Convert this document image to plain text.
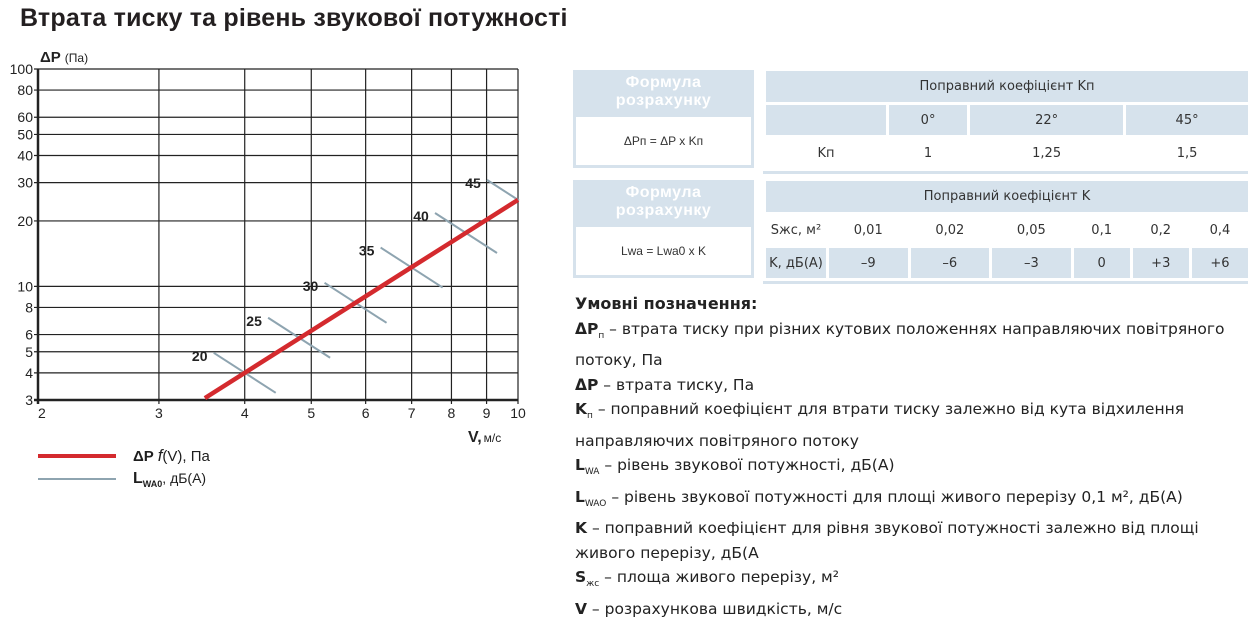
Втрата тиску та рівень звукової потужності
3
4
5
6
8
10
20
30
40
50
60
80
100
2	3	4	5	6	7 8 9 10
20
25
30
35
40
45
ΔP (Па)
V, м/с
ΔP f(V), Па
$L_{WA0}$, дБ(А)
Формула
розрахунку
ΔPп = ΔP x Kп
Поправний коефіцієнт Kп			
	0°	22°	45°
Kп	1	1,25	1,5
Формула
розрахунку
Lwa = Lwa0 x K
Поправний коефіцієнт K						
Sжс, м²	0,01	0,02	0,05	0,1	0,2	0,4
K, дБ(А)	–9	–6	–3	0	+3	+6
Умовні позначення:
$\Delta P_п$ – втрата тиску при різних кутових положеннях направляючих повітряного потоку, Па
ΔP – втрата тиску, Па
$K_п$ – поправний коефіцієнт для втрати тиску залежно від кута відхилення направляючих повітряного потоку
$L_{WA}$ – рівень звукової потужності, дБ(А)
$L_{WAO}$ – рівень звукової потужності для площі живого перерізу 0,1 м², дБ(А)
K – поправний коефіцієнт для рівня звукової потужності залежно від площі живого перерізу, дБ(А
$S_{жс}$ – площа живого перерізу, м²
V – розрахункова швидкість, м/с
